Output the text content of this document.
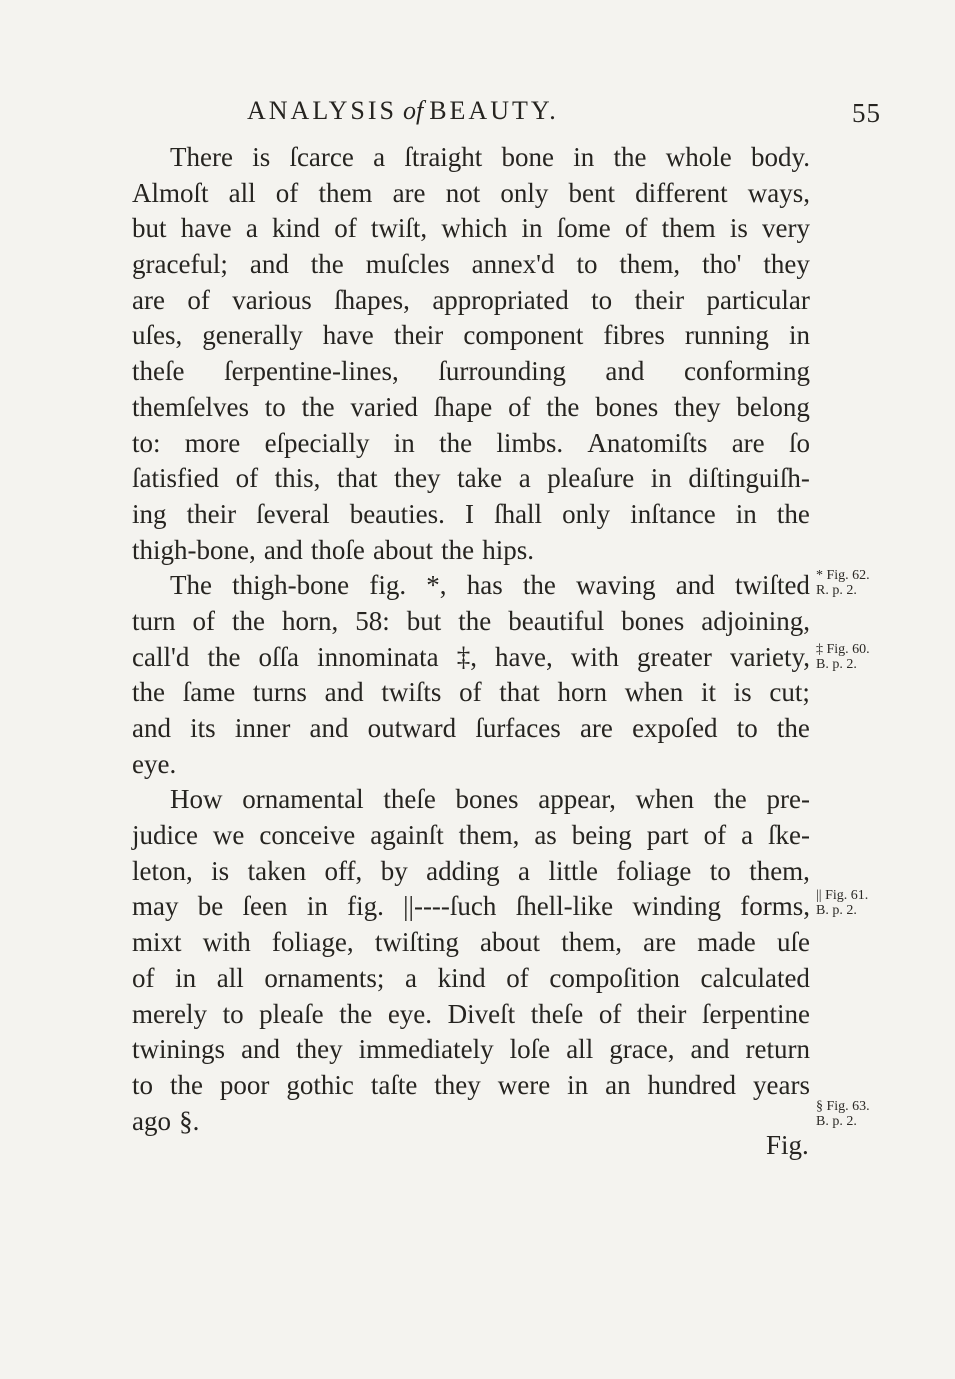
ANALYSIS of BEAUTY.	55
There is ſcarce a ſtraight bone in the whole body.
Almoſt all of them are not only bent different ways,
but have a kind of twiſt, which in ſome of them is very
graceful; and the muſcles annex'd to them, tho' they
are of various ſhapes, appropriated to their particular
uſes, generally have their component fibres running in
theſe ſerpentine-lines, ſurrounding and conforming
themſelves to the varied ſhape of the bones they belong
to: more eſpecially in the limbs. Anatomiſts are ſo
ſatisfied of this, that they take a pleaſure in diſtinguiſh-
ing their ſeveral beauties. I ſhall only inſtance in the
thigh-bone, and thoſe about the hips.
The thigh-bone fig. *, has the waving and twiſted
turn of the horn, 58: but the beautiful bones adjoining,
call'd the oſſa innominata ‡, have, with greater variety,
the ſame turns and twiſts of that horn when it is cut;
and its inner and outward ſurfaces are expoſed to the
eye.
How ornamental theſe bones appear, when the pre-
judice we conceive againſt them, as being part of a ſke-
leton, is taken off, by adding a little foliage to them,
may be ſeen in fig. ||----ſuch ſhell-like winding forms,
mixt with foliage, twiſting about them, are made uſe
of in all ornaments; a kind of compoſition calculated
merely to pleaſe the eye. Diveſt theſe of their ſerpentine
twinings and they immediately loſe all grace, and return
to the poor gothic taſte they were in an hundred years
ago §.
Fig.
* Fig. 62.
R. p. 2.
‡ Fig. 60.
B. p. 2.
|| Fig. 61.
B. p. 2.
§ Fig. 63.
B. p. 2.
